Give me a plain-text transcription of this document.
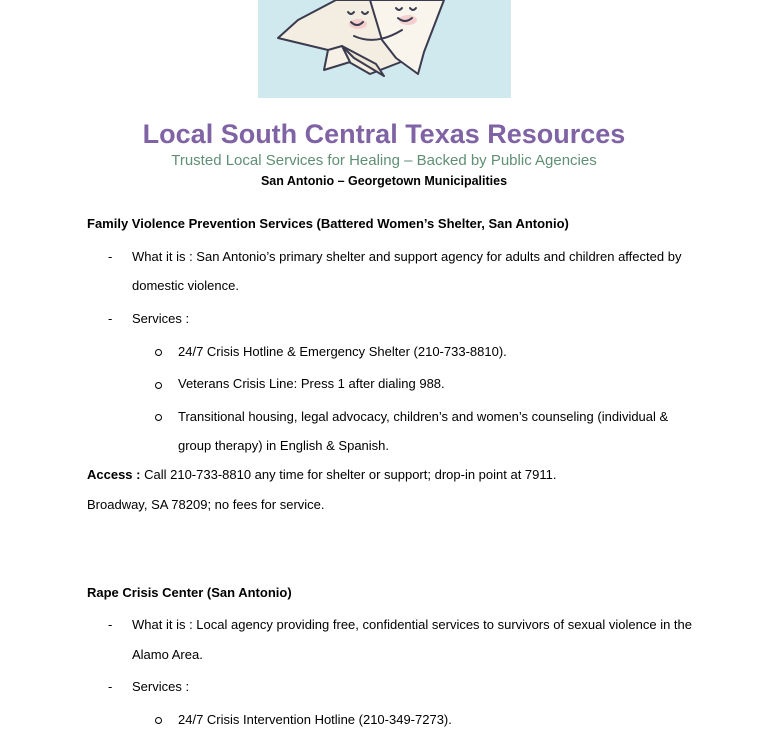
Local South Central Texas Resources
Trusted Local Services for Healing – Backed by Public Agencies
San Antonio – Georgetown Municipalities
Family Violence Prevention Services (Battered Women’s Shelter, San Antonio)
- What it is : San Antonio’s primary shelter and support agency for adults and children affected by
domestic violence.
- Services :
24/7 Crisis Hotline & Emergency Shelter (210-733-8810).
Veterans Crisis Line: Press 1 after dialing 988.
Transitional housing, legal advocacy, children’s and women’s counseling (individual &
group therapy) in English & Spanish.
Access : Call 210-733-8810 any time for shelter or support; drop-in point at 7911.
Broadway, SA 78209; no fees for service.
Rape Crisis Center (San Antonio)
- What it is : Local agency providing free, confidential services to survivors of sexual violence in the
Alamo Area.
- Services :
24/7 Crisis Intervention Hotline (210-349-7273).
